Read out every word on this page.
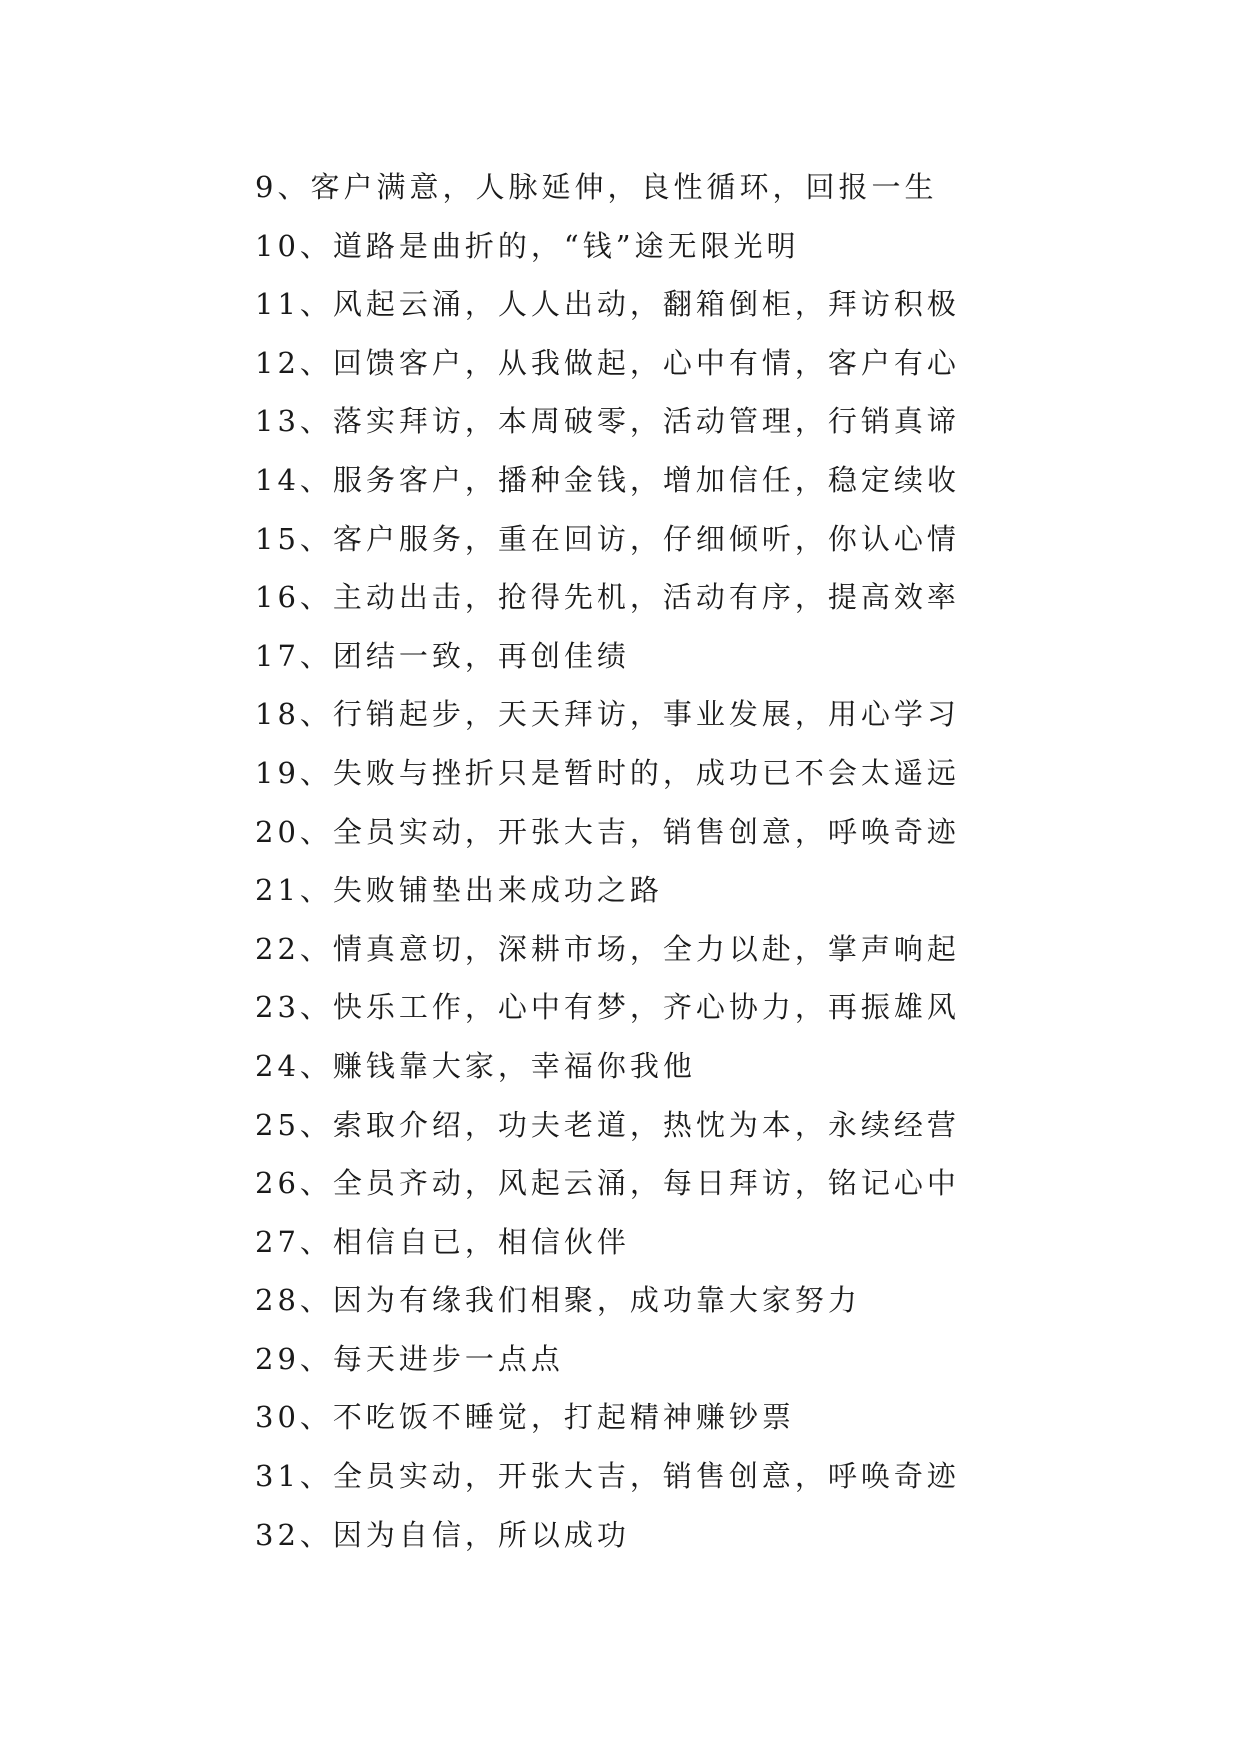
9、客户满意，人脉延伸，良性循环，回报一生
10、道路是曲折的，“钱”途无限光明
11、风起云涌，人人出动，翻箱倒柜，拜访积极
12、回馈客户，从我做起，心中有情，客户有心
13、落实拜访，本周破零，活动管理，行销真谛
14、服务客户，播种金钱，增加信任，稳定续收
15、客户服务，重在回访，仔细倾听，你认心情
16、主动出击，抢得先机，活动有序，提高效率
17、团结一致，再创佳绩
18、行销起步，天天拜访，事业发展，用心学习
19、失败与挫折只是暂时的，成功已不会太遥远
20、全员实动，开张大吉，销售创意，呼唤奇迹
21、失败铺垫出来成功之路
22、情真意切，深耕市场，全力以赴，掌声响起
23、快乐工作，心中有梦，齐心协力，再振雄风
24、赚钱靠大家，幸福你我他
25、索取介绍，功夫老道，热忱为本，永续经营
26、全员齐动，风起云涌，每日拜访，铭记心中
27、相信自已，相信伙伴
28、因为有缘我们相聚，成功靠大家努力
29、每天进步一点点
30、不吃饭不睡觉，打起精神赚钞票
31、全员实动，开张大吉，销售创意，呼唤奇迹
32、因为自信，所以成功
